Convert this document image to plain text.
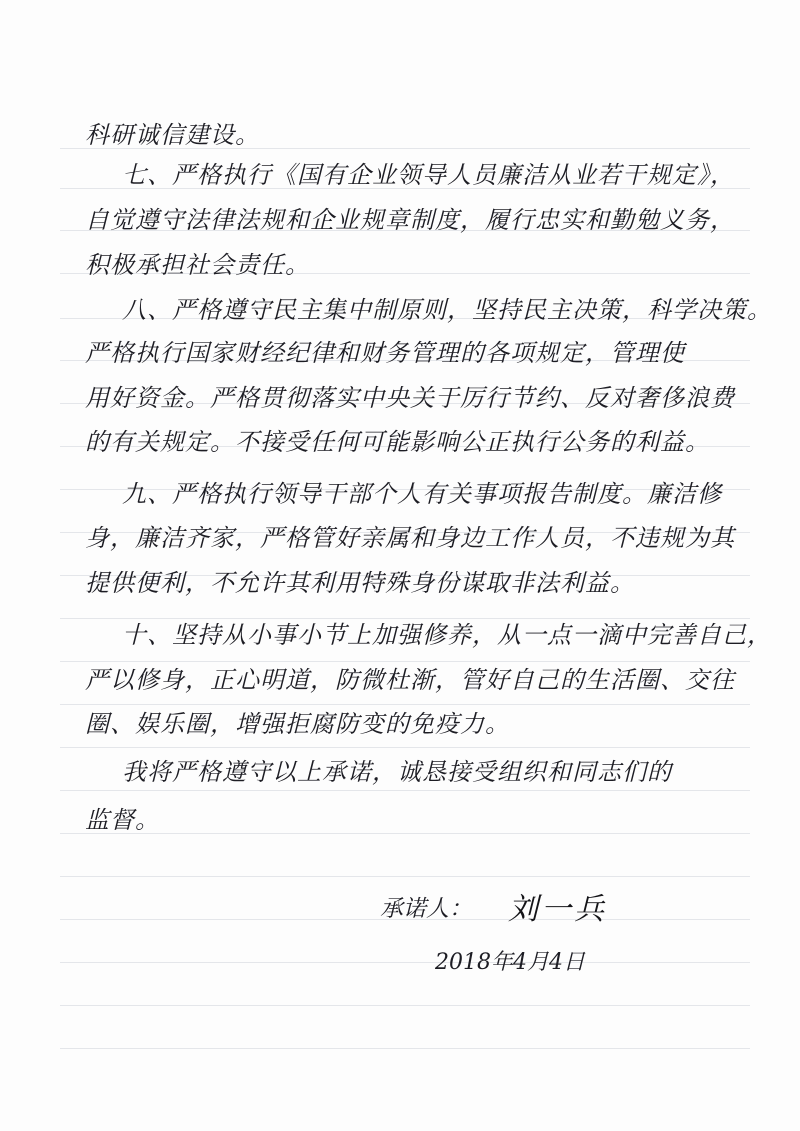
科研诚信建设。
七、严格执行《国有企业领导人员廉洁从业若干规定》，
自觉遵守法律法规和企业规章制度，履行忠实和勤勉义务，
积极承担社会责任。
八、严格遵守民主集中制原则，坚持民主决策，科学决策。
严格执行国家财经纪律和财务管理的各项规定，管理使
用好资金。严格贯彻落实中央关于厉行节约、反对奢侈浪费
的有关规定。不接受任何可能影响公正执行公务的利益。
九、严格执行领导干部个人有关事项报告制度。廉洁修
身，廉洁齐家，严格管好亲属和身边工作人员，不违规为其
提供便利，不允许其利用特殊身份谋取非法利益。
十、坚持从小事小节上加强修养，从一点一滴中完善自己，
严以修身，正心明道，防微杜渐，管好自己的生活圈、交往
圈、娱乐圈，增强拒腐防变的免疫力。
我将严格遵守以上承诺，诚恳接受组织和同志们的
监督。
承诺人： 刘一兵
2018年4月4日
